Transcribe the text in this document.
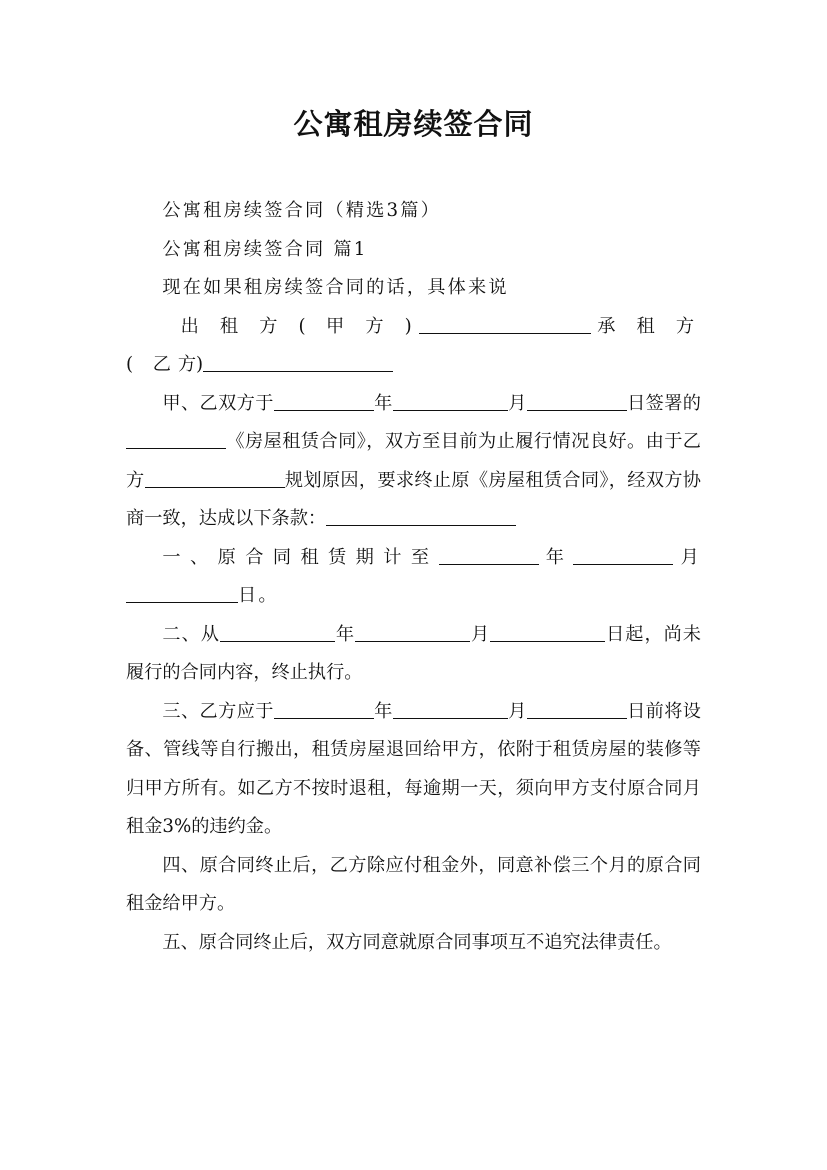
公寓租房续签合同

公寓租房续签合同（精选3篇）

公寓租房续签合同 篇1

现在如果租房续签合同的话，具体来说

出 租 方 ( 甲 方 )	承 租 方 ( 乙方)

甲、乙双方于	年	月	日签署的《房屋租赁合同》，双方至目前为止履行情况良好。由于乙方	规划原因，要求终止原《房屋租赁合同》，经双方协商一致，达成以下条款：

一、原合同租赁期计至	年	月日。

二、从	年	月	日起，尚未履行的合同内容，终止执行。

三、乙方应于	年	月	日前将设备、管线等自行搬出，租赁房屋退回给甲方，依附于租赁房屋的装修等归甲方所有。如乙方不按时退租，每逾期一天，须向甲方支付原合同月租金3%的违约金。

四、原合同终止后，乙方除应付租金外，同意补偿三个月的原合同租金给甲方。

五、原合同终止后，双方同意就原合同事项互不追究法律责任。
